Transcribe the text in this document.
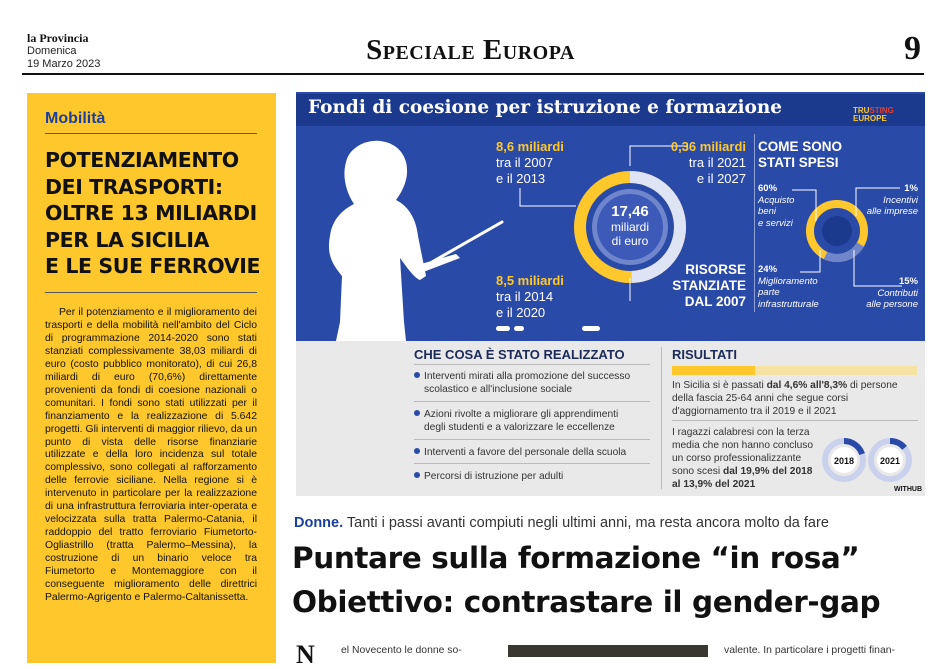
la Provincia
Domenica
19 Marzo 2023	Speciale Europa	9
Mobilità
POTENZIAMENTO
DEI TRASPORTI:
OLTRE 13 MILIARDI
PER LA SICILIA
E LE SUE FERROVIE
Per il potenziamento e il miglioramento dei trasporti e della mobilità nell'ambito del Ciclo di programmazione 2014-2020 sono stati stanziati complessivamente 38,03 miliardi di euro (costo pubblico monitorato), di cui 26,8 miliardi di euro (70,6%) direttamente provenienti da fondi di coesione nazionali o comunitari. I fondi sono stati utilizzati per il finanziamento e la realizzazione di 5.642 progetti. Gli interventi di maggior rilievo, da un punto di vista delle risorse finanziarie utilizzate e della loro incidenza sul totale complessivo, sono collegati al rafforzamento delle ferrovie siciliane. Nella regione si è intervenuto in particolare per la realizzazione di una infrastruttura ferroviaria inter-operata e velocizzata sulla tratta Palermo-Catania, il raddoppio del tratto ferroviario Fiumetorto-Ogliastrillo (tratta Palermo–Messina), la costruzione di un binario veloce tra Fiumetorto e Montemaggiore con il conseguente miglioramento delle direttrici Palermo-Agrigento e Palermo-Caltanissetta.
Fondi di coesione per istruzione e formazione	TRUSTING
EUROPE
8,6 miliardi
tra il 2007
e il 2013
0,36 miliardi
tra il 2021
e il 2027
8,5 miliardi
tra il 2014
e il 2020
17,46
miliardi
di euro
RISORSE
STANZIATE
DAL 2007
COME SONO
STATI SPESI
60%
Acquisto
beni
e servizi
1%
Incentivi
alle imprese
24%
Miglioramento
parte
infrastrutturale
15%
Contributi
alle persone
CHE COSA È STATO REALIZZATO
Interventi mirati alla promozione del successo
scolastico e all'inclusione sociale
Azioni rivolte a migliorare gli apprendimenti
degli studenti e a valorizzare le eccellenze
Interventi a favore del personale della scuola
Percorsi di istruzione per adulti
RISULTATI
In Sicilia si è passati dal 4,6% all'8,3% di persone
della fascia 25-64 anni che segue corsi
d'aggiornamento tra il 2019 e il 2021
I ragazzi calabresi con la terza
media che non hanno concluso
un corso professionalizzante
sono scesi dal 19,9% del 2018
al 13,9% del 2021
2018	2021
WITHUB
Donne. Tanti i passi avanti compiuti negli ultimi anni, ma resta ancora molto da fare
Puntare sulla formazione “in rosa”
Obiettivo: contrastare il gender-gap
N	el Novecento le donne so-	valente. In particolare i progetti finan-
